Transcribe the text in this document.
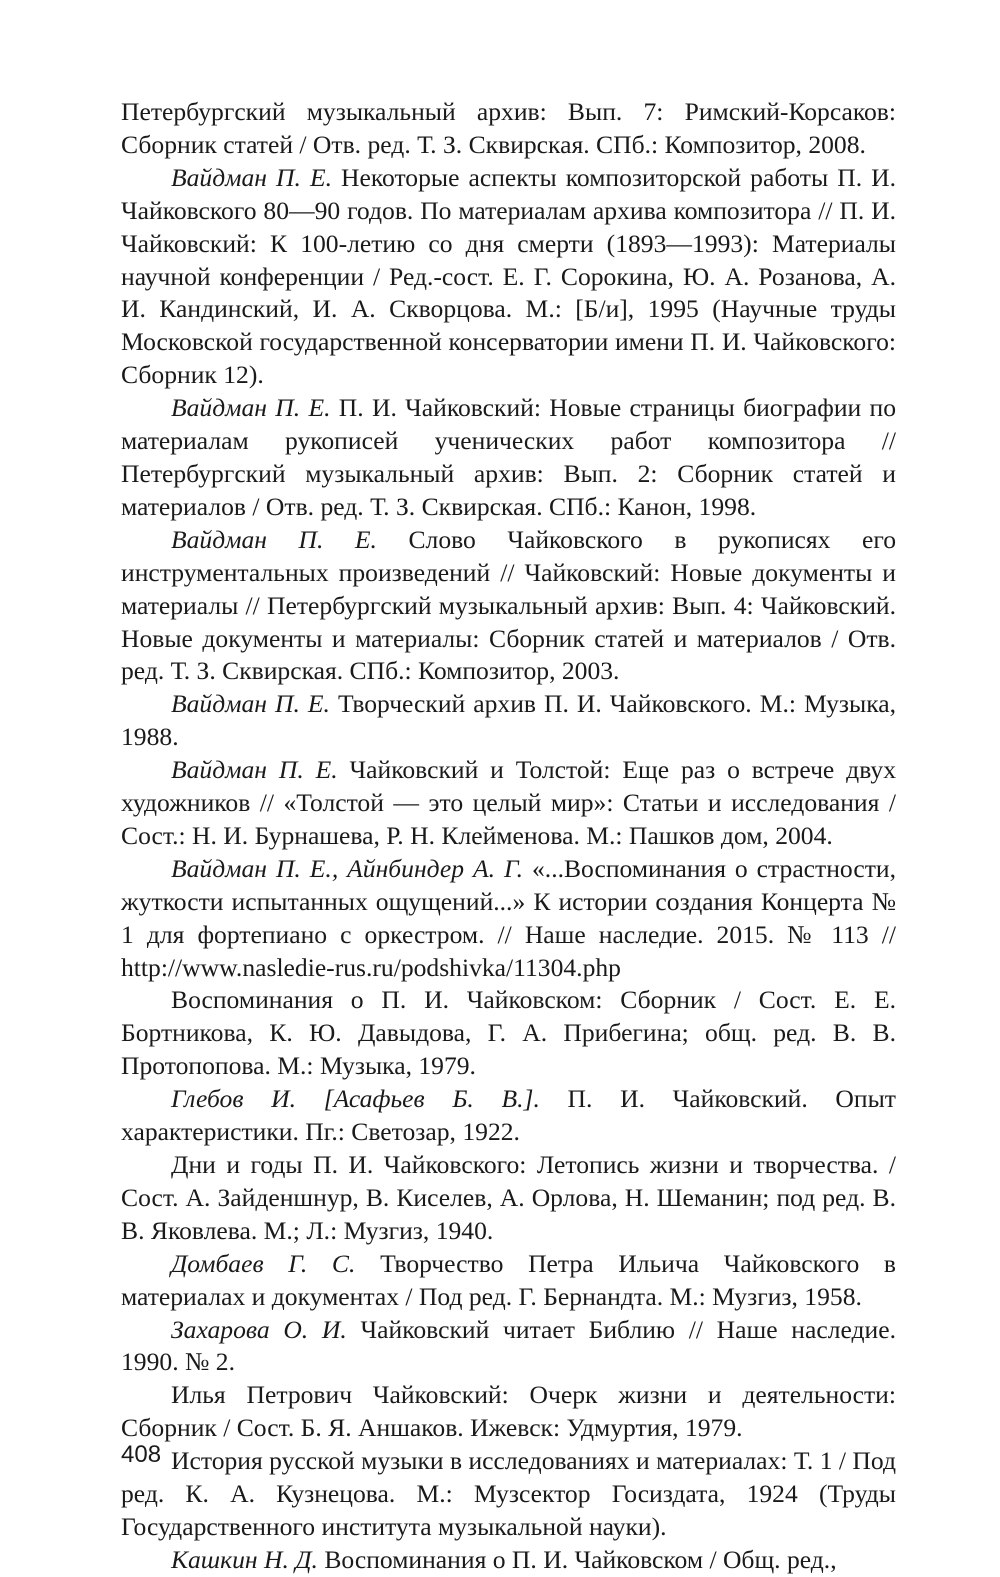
Петербургский музыкальный архив: Вып. 7: Римский-Корсаков: Сборник статей / Отв. ред. Т. З. Сквирская. СПб.: Композитор, 2008.

Вайдман П. Е. Некоторые аспекты композиторской работы П. И. Чайковского 80—90 годов. По материалам архива композитора // П. И. Чайковский: К 100-летию со дня смерти (1893—1993): Материалы научной конференции / Ред.-сост. Е. Г. Сорокина, Ю. А. Розанова, А. И. Кандинский, И. А. Скворцова. М.: [Б/и], 1995 (Научные труды Московской государственной консерватории имени П. И. Чайковского: Сборник 12).

Вайдман П. Е. П. И. Чайковский: Новые страницы биографии по материалам рукописей ученических работ композитора // Петербургский музыкальный архив: Вып. 2: Сборник статей и материалов / Отв. ред. Т. З. Сквирская. СПб.: Канон, 1998.

Вайдман П. Е. Слово Чайковского в рукописях его инструментальных произведений // Чайковский: Новые документы и материалы // Петербургский музыкальный архив: Вып. 4: Чайковский. Новые документы и материалы: Сборник статей и материалов / Отв. ред. Т. З. Сквирская. СПб.: Композитор, 2003.

Вайдман П. Е. Творческий архив П. И. Чайковского. М.: Музыка, 1988.

Вайдман П. Е. Чайковский и Толстой: Еще раз о встрече двух художников // «Толстой — это целый мир»: Статьи и исследования / Сост.: Н. И. Бурнашева, Р. Н. Клейменова. М.: Пашков дом, 2004.

Вайдман П. Е., Айнбиндер А. Г. «...Воспоминания о страстности, жуткости испытанных ощущений...» К истории создания Концерта № 1 для фортепиано с оркестром. // Наше наследие. 2015. № 113 // http://www.nasledie-rus.ru/podshivka/11304.php

Воспоминания о П. И. Чайковском: Сборник / Сост. Е. Е. Бортникова, К. Ю. Давыдова, Г. А. Прибегина; общ. ред. В. В. Протопопова. М.: Музыка, 1979.

Глебов И. [Асафьев Б. В.]. П. И. Чайковский. Опыт характеристики. Пг.: Светозар, 1922.

Дни и годы П. И. Чайковского: Летопись жизни и творчества. / Сост. А. Зайденшнур, В. Киселев, А. Орлова, Н. Шеманин; под ред. В. В. Яковлева. М.; Л.: Музгиз, 1940.

Домбаев Г. С. Творчество Петра Ильича Чайковского в материалах и документах / Под ред. Г. Бернандта. М.: Музгиз, 1958.

Захарова О. И. Чайковский читает Библию // Наше наследие. 1990. № 2.

Илья Петрович Чайковский: Очерк жизни и деятельности: Сборник / Сост. Б. Я. Аншаков. Ижевск: Удмуртия, 1979.

История русской музыки в исследованиях и материалах: Т. 1 / Под ред. К. А. Кузнецова. М.: Музсектор Госиздата, 1924 (Труды Государственного института музыкальной науки).

Кашкин Н. Д. Воспоминания о П. И. Чайковском / Общ. ред.,

408
